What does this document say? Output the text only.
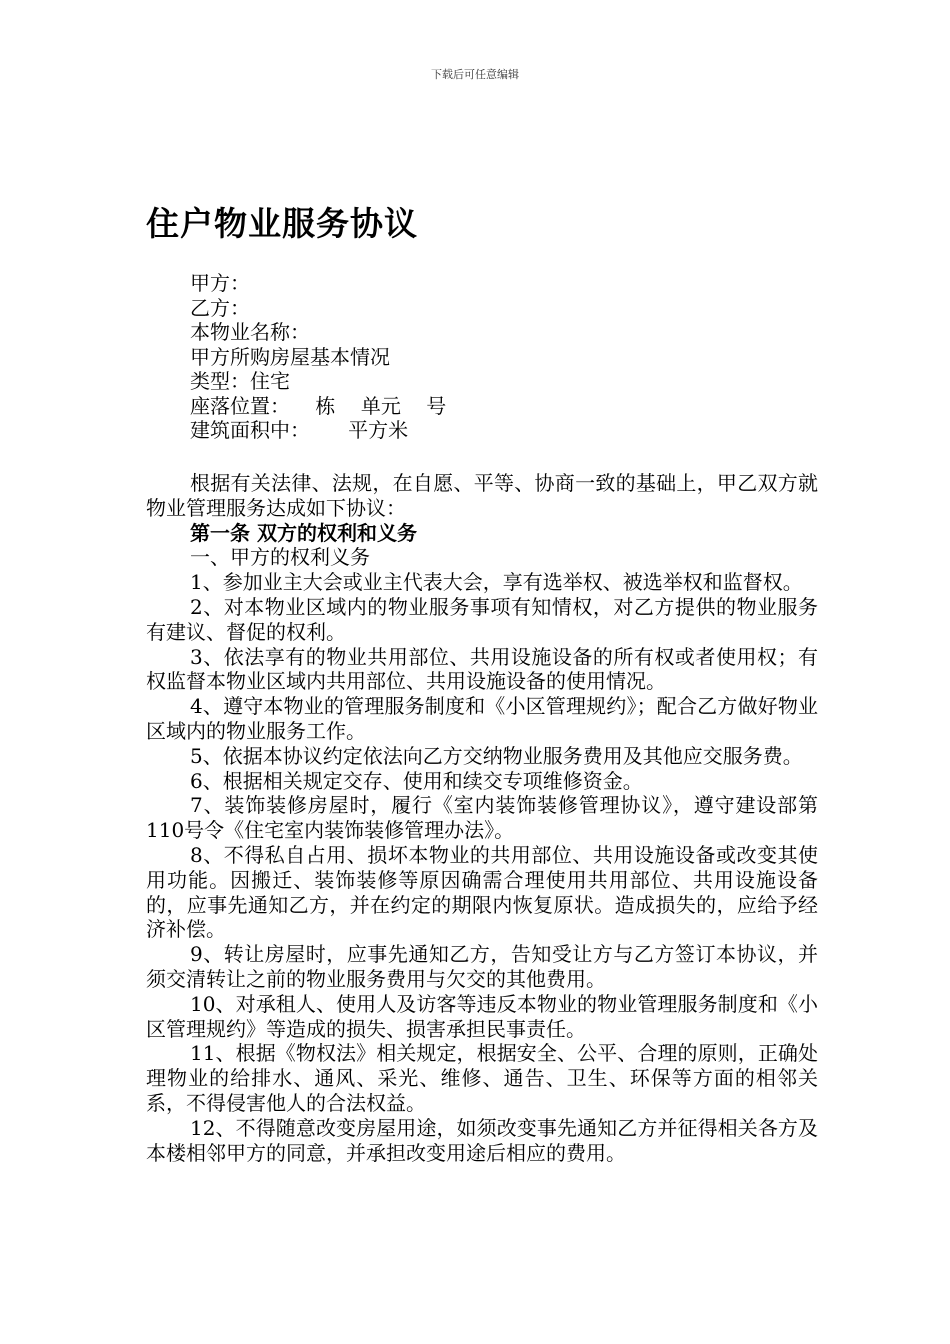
下载后可任意编辑
住户物业服务协议
甲方：
乙方：
本物业名称：
甲方所购房屋基本情况
类型：住宅
座落位置：    栋    单元    号
建筑面积中：      平方米

根据有关法律、法规，在自愿、平等、协商一致的基础上，甲乙双方就物业管理服务达成如下协议：

第一条 双方的权利和义务

一、甲方的权利义务

1、参加业主大会或业主代表大会，享有选举权、被选举权和监督权。

2、对本物业区域内的物业服务事项有知情权，对乙方提供的物业服务有建议、督促的权利。

3、依法享有的物业共用部位、共用设施设备的所有权或者使用权；有权监督本物业区域内共用部位、共用设施设备的使用情况。

4、遵守本物业的管理服务制度和《小区管理规约》；配合乙方做好物业区域内的物业服务工作。

5、依据本协议约定依法向乙方交纳物业服务费用及其他应交服务费。

6、根据相关规定交存、使用和续交专项维修资金。

7、装饰装修房屋时，履行《室内装饰装修管理协议》，遵守建设部第110号令《住宅室内装饰装修管理办法》。

8、不得私自占用、损坏本物业的共用部位、共用设施设备或改变其使用功能。因搬迁、装饰装修等原因确需合理使用共用部位、共用设施设备的，应事先通知乙方，并在约定的期限内恢复原状。造成损失的，应给予经济补偿。

9、转让房屋时，应事先通知乙方，告知受让方与乙方签订本协议，并须交清转让之前的物业服务费用与欠交的其他费用。

10、对承租人、使用人及访客等违反本物业的物业管理服务制度和《小区管理规约》等造成的损失、损害承担民事责任。

11、根据《物权法》相关规定，根据安全、公平、合理的原则，正确处理物业的给排水、通风、采光、维修、通告、卫生、环保等方面的相邻关系，不得侵害他人的合法权益。

12、不得随意改变房屋用途，如须改变事先通知乙方并征得相关各方及本楼相邻甲方的同意，并承担改变用途后相应的费用。
